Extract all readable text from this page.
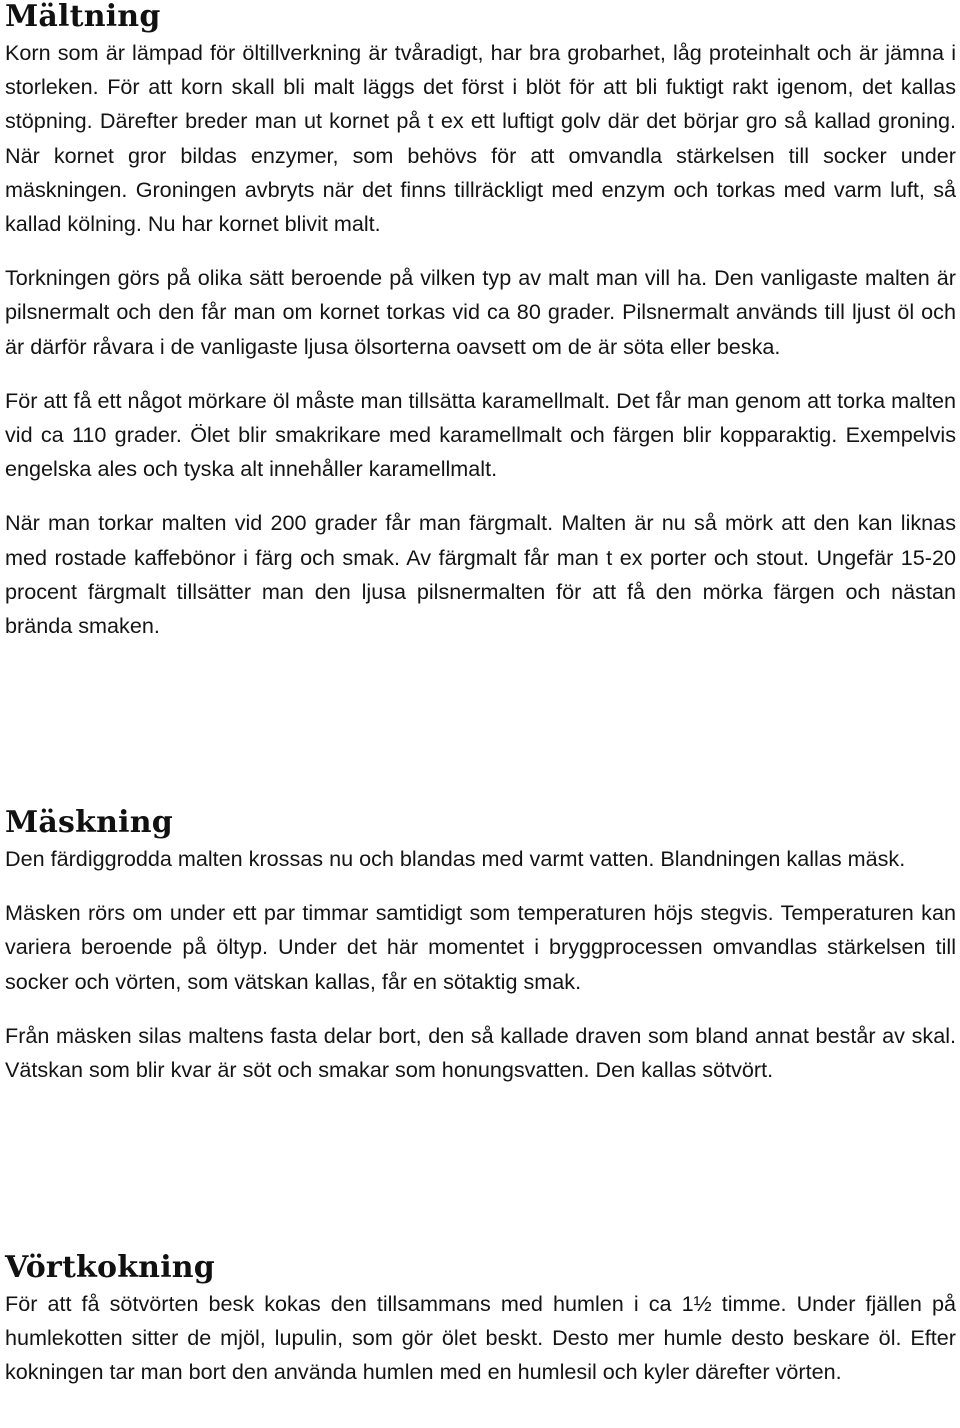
Mältning

Korn som är lämpad för öltillverkning är tvåradigt, har bra grobarhet, låg proteinhalt och är jämna i storleken. För att korn skall bli malt läggs det först i blöt för att bli fuktigt rakt igenom, det kallas stöpning. Därefter breder man ut kornet på t ex ett luftigt golv där det börjar gro så kallad groning. När kornet gror bildas enzymer, som behövs för att omvandla stärkelsen till socker under mäskningen. Groningen avbryts när det finns tillräckligt med enzym och torkas med varm luft, så kallad kölning. Nu har kornet blivit malt.

Torkningen görs på olika sätt beroende på vilken typ av malt man vill ha. Den vanligaste malten är pilsnermalt och den får man om kornet torkas vid ca 80 grader. Pilsnermalt används till ljust öl och är därför råvara i de vanligaste ljusa ölsorterna oavsett om de är söta eller beska.

För att få ett något mörkare öl måste man tillsätta karamellmalt. Det får man genom att torka malten vid ca 110 grader. Ölet blir smakrikare med karamellmalt och färgen blir kopparaktig. Exempelvis engelska ales och tyska alt innehåller karamellmalt.

När man torkar malten vid 200 grader får man färgmalt. Malten är nu så mörk att den kan liknas med rostade kaffebönor i färg och smak. Av färgmalt får man t ex porter och stout. Ungefär 15-20 procent färgmalt tillsätter man den ljusa pilsnermalten för att få den mörka färgen och nästan brända smaken.

Mäskning

Den färdiggrodda malten krossas nu och blandas med varmt vatten. Blandningen kallas mäsk.

Mäsken rörs om under ett par timmar samtidigt som temperaturen höjs stegvis. Temperaturen kan variera beroende på öltyp. Under det här momentet i bryggprocessen omvandlas stärkelsen till socker och vörten, som vätskan kallas, får en sötaktig smak.

Från mäsken silas maltens fasta delar bort, den så kallade draven som bland annat består av skal. Vätskan som blir kvar är söt och smakar som honungsvatten. Den kallas sötvört.

Vörtkokning

För att få sötvörten besk kokas den tillsammans med humlen i ca 1½ timme. Under fjällen på humlekotten sitter de mjöl, lupulin, som gör ölet beskt. Desto mer humle desto beskare öl. Efter kokningen tar man bort den använda humlen med en humlesil och kyler därefter vörten.
